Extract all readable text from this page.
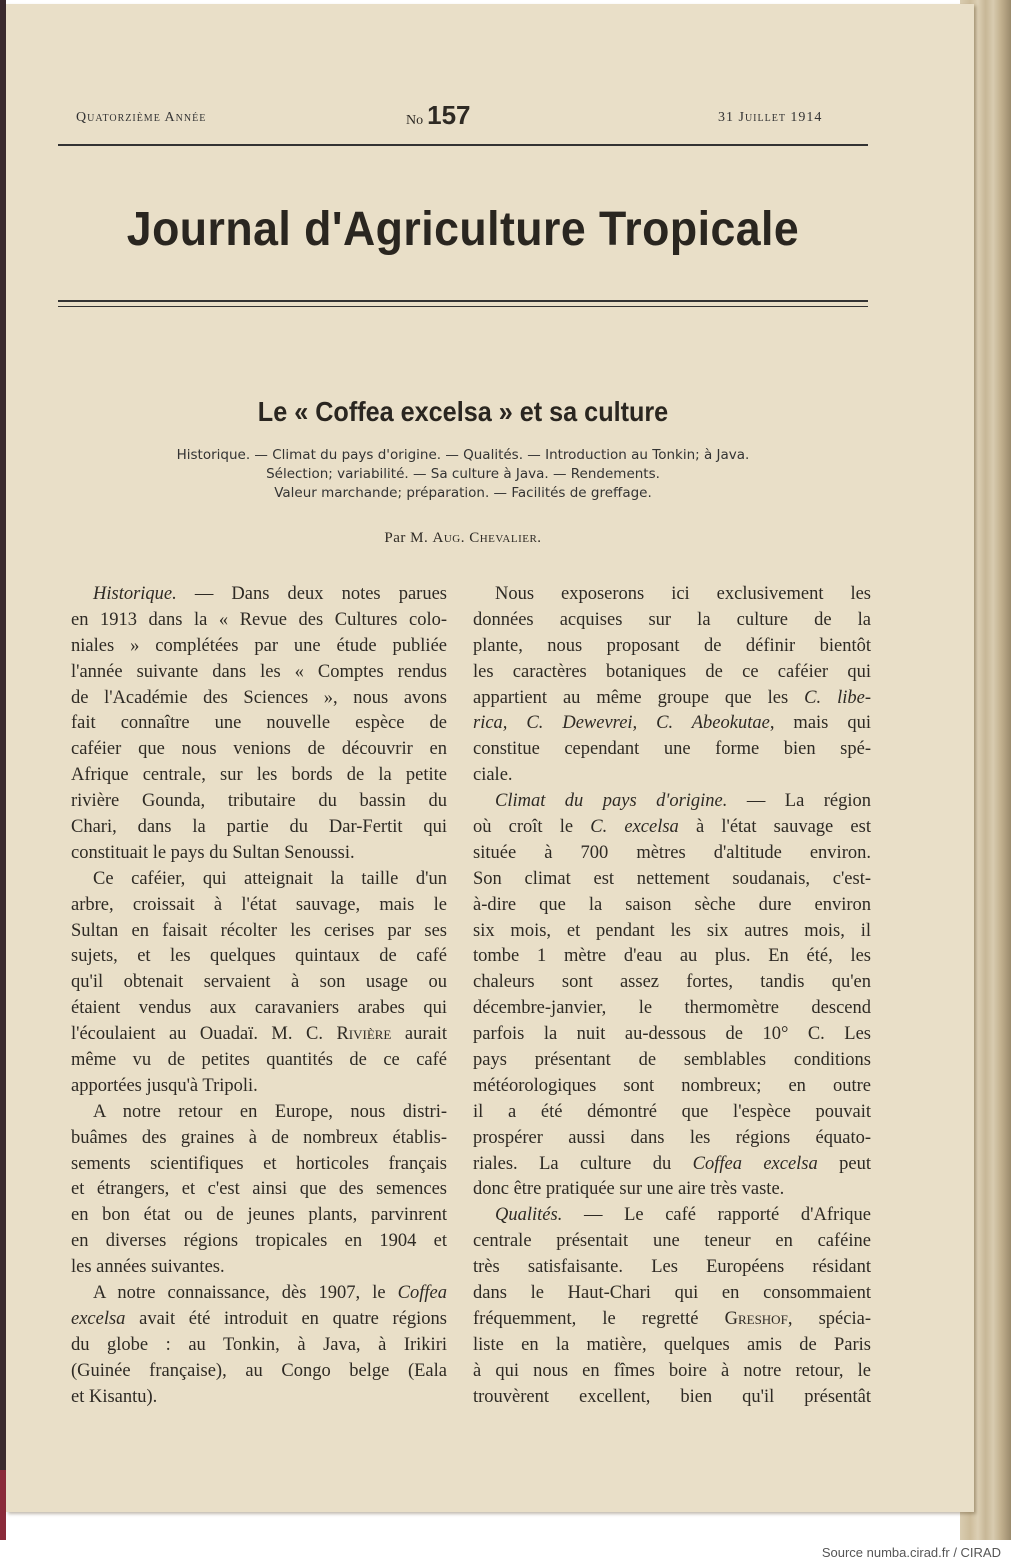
Quatorzième Année	No 157	31 Juillet 1914
Journal d'Agriculture Tropicale
Le « Coffea excelsa » et sa culture
Historique. — Climat du pays d'origine. — Qualités. — Introduction au Tonkin; à Java.
Sélection; variabilité. — Sa culture à Java. — Rendements.
Valeur marchande; préparation. — Facilités de greffage.
Par M. Aug. Chevalier.
Historique. — Dans deux notes parues
en 1913 dans la « Revue des Cultures colo-
niales » complétées par une étude publiée
l'année suivante dans les « Comptes rendus
de l'Académie des Sciences », nous avons
fait connaître une nouvelle espèce de
caféier que nous venions de découvrir en
Afrique centrale, sur les bords de la petite
rivière Gounda, tributaire du bassin du
Chari, dans la partie du Dar-Fertit qui
constituait le pays du Sultan Senoussi.
Ce caféier, qui atteignait la taille d'un
arbre, croissait à l'état sauvage, mais le
Sultan en faisait récolter les cerises par ses
sujets, et les quelques quintaux de café
qu'il obtenait servaient à son usage ou
étaient vendus aux caravaniers arabes qui
l'écoulaient au Ouadaï. M. C. Rivière aurait
même vu de petites quantités de ce café
apportées jusqu'à Tripoli.
A notre retour en Europe, nous distri-
buâmes des graines à de nombreux établis-
sements scientifiques et horticoles français
et étrangers, et c'est ainsi que des semences
en bon état ou de jeunes plants, parvinrent
en diverses régions tropicales en 1904 et
les années suivantes.
A notre connaissance, dès 1907, le Coffea
excelsa avait été introduit en quatre régions
du globe : au Tonkin, à Java, à Irikiri
(Guinée française), au Congo belge (Eala
et Kisantu).
Nous exposerons ici exclusivement les
données acquises sur la culture de la
plante, nous proposant de définir bientôt
les caractères botaniques de ce caféier qui
appartient au même groupe que les C. libe-
rica, C. Dewevrei, C. Abeokutae, mais qui
constitue cependant une forme bien spé-
ciale.
Climat du pays d'origine. — La région
où croît le C. excelsa à l'état sauvage est
située à 700 mètres d'altitude environ.
Son climat est nettement soudanais, c'est-
à-dire que la saison sèche dure environ
six mois, et pendant les six autres mois, il
tombe 1 mètre d'eau au plus. En été, les
chaleurs sont assez fortes, tandis qu'en
décembre-janvier, le thermomètre descend
parfois la nuit au-dessous de 10° C. Les
pays présentant de semblables conditions
météorologiques sont nombreux; en outre
il a été démontré que l'espèce pouvait
prospérer aussi dans les régions équato-
riales. La culture du Coffea excelsa peut
donc être pratiquée sur une aire très vaste.
Qualités. — Le café rapporté d'Afrique
centrale présentait une teneur en caféine
très satisfaisante. Les Européens résidant
dans le Haut-Chari qui en consommaient
fréquemment, le regretté Greshof, spécia-
liste en la matière, quelques amis de Paris
à qui nous en fîmes boire à notre retour, le
trouvèrent excellent, bien qu'il présentât
Source numba.cirad.fr / CIRAD
